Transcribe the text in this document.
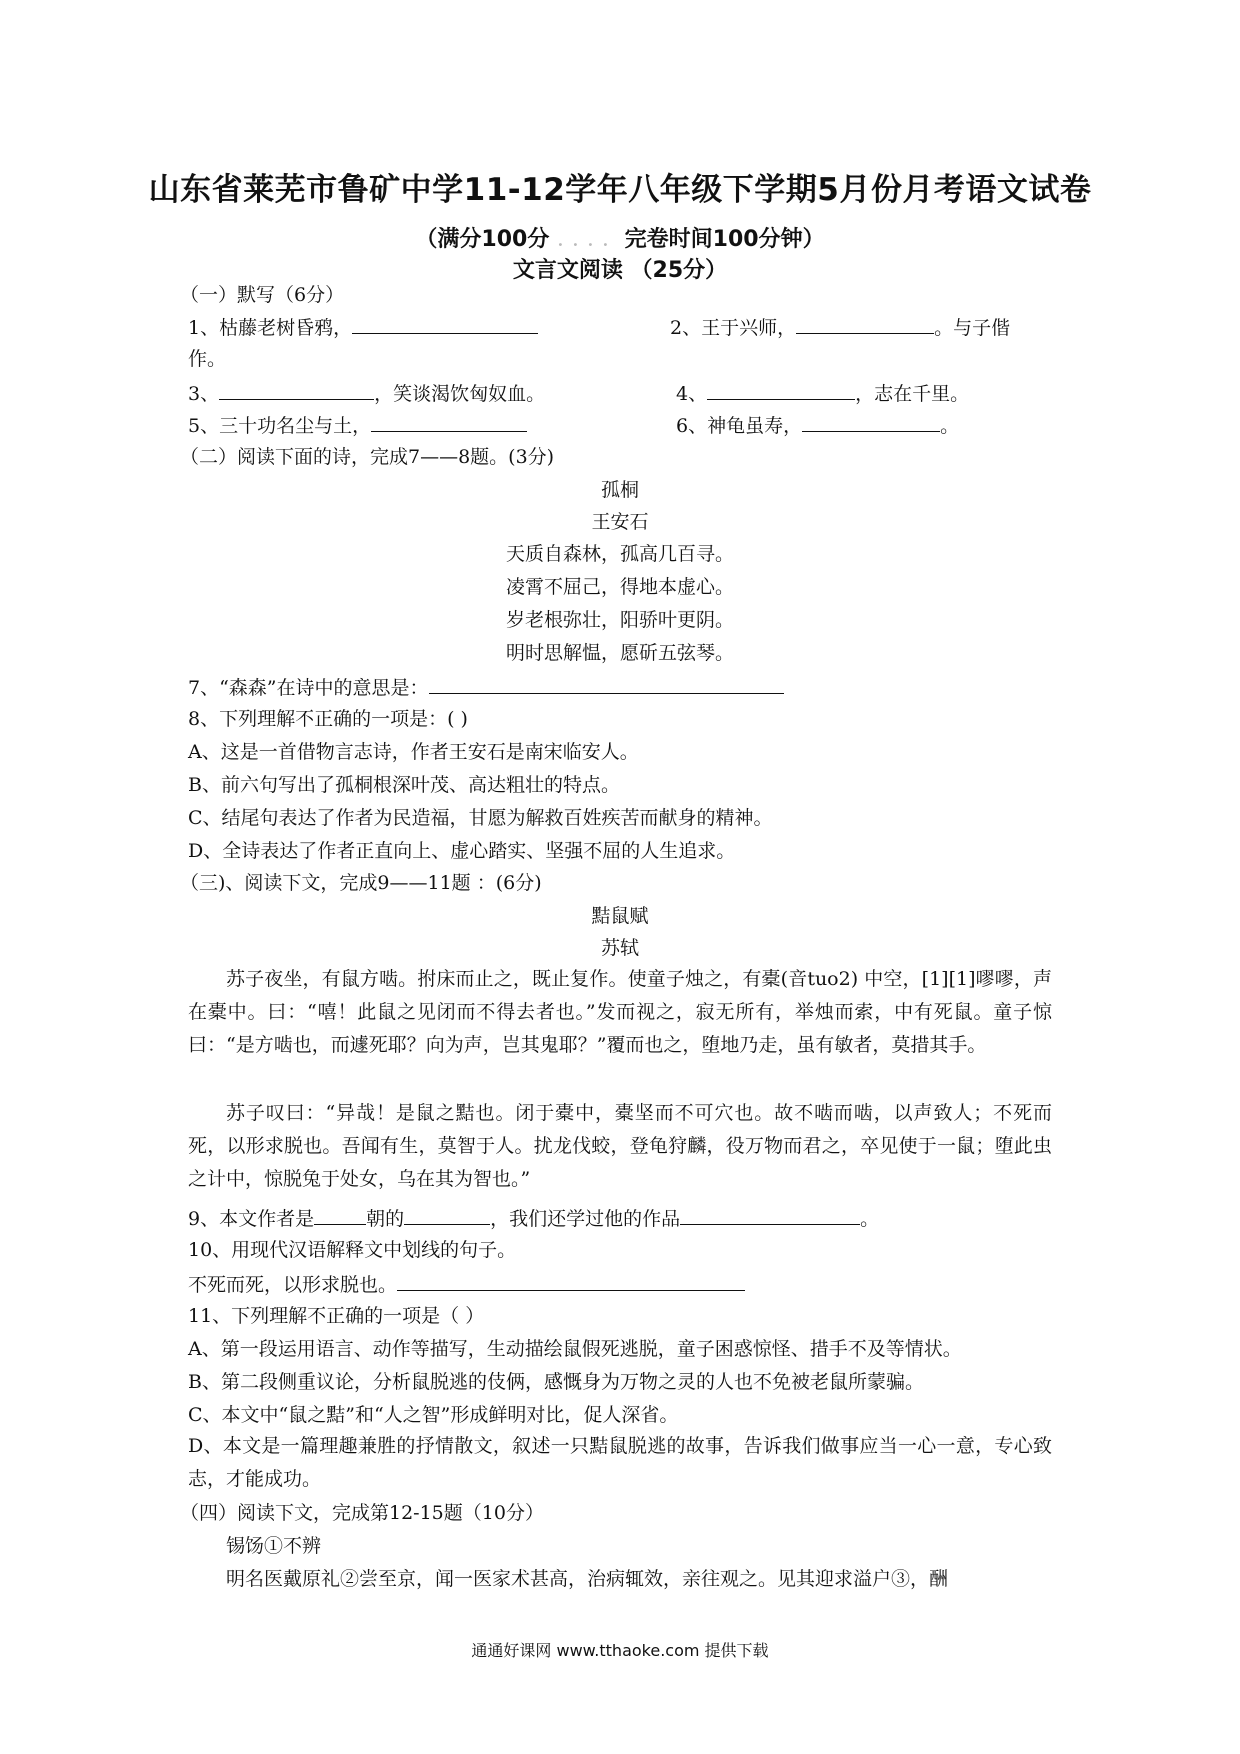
山东省莱芜市鲁矿中学11-12学年八年级下学期5月份月考语文试卷
（满分100分 ．．．． 完卷时间100分钟）
文言文阅读 （25分）
（一）默写（6分）
1、枯藤老树昏鸦，	2、王于兴师，	。与子偕
作。
3、	，笑谈渴饮匈奴血。	4、	，志在千里。
5、三十功名尘与土，	6、神龟虽寿，	。
（二）阅读下面的诗，完成7——8题。(3分)
孤桐
王安石
天质自森林，孤高几百寻。
凌霄不屈己，得地本虚心。
岁老根弥壮，阳骄叶更阴。
明时思解愠，愿斫五弦琴。
7、“森森”在诗中的意思是：
8、下列理解不正确的一项是：( )
A、这是一首借物言志诗，作者王安石是南宋临安人。
B、前六句写出了孤桐根深叶茂、高达粗壮的特点。
C、结尾句表达了作者为民造福，甘愿为解救百姓疾苦而献身的精神。
D、全诗表达了作者正直向上、虚心踏实、坚强不屈的人生追求。
（三)、阅读下文，完成9——11题 ：(6分)
黠鼠赋
苏轼
苏子夜坐，有鼠方啮。拊床而止之，既止复作。使童子烛之，有橐(音tuo2) 中空，[1][1]嘐嘐，声在橐中。曰：“嘻！此鼠之见闭而不得去者也。”发而视之，寂无所有，举烛而索，中有死鼠。童子惊曰：“是方啮也，而遽死耶？向为声，岂其鬼耶？”覆而也之，堕地乃走，虽有敏者，莫措其手。
苏子叹曰：“异哉！是鼠之黠也。闭于橐中，橐坚而不可穴也。故不啮而啮，以声致人；不死而死，以形求脱也。吾闻有生，莫智于人。扰龙伐蛟，登龟狩麟，役万物而君之，卒见使于一鼠；堕此虫之计中，惊脱兔于处女，乌在其为智也。”
9、本文作者是	朝的	，我们还学过他的作品	。
10、用现代汉语解释文中划线的句子。
不死而死，以形求脱也。
11、下列理解不正确的一项是（ ）
A、第一段运用语言、动作等描写，生动描绘鼠假死逃脱，童子困惑惊怪、措手不及等情状。
B、第二段侧重议论，分析鼠脱逃的伎俩，感慨身为万物之灵的人也不免被老鼠所蒙骗。
C、本文中“鼠之黠”和“人之智”形成鲜明对比，促人深省。
D、本文是一篇理趣兼胜的抒情散文，叙述一只黠鼠脱逃的故事，告诉我们做事应当一心一意，专心致志，才能成功。
（四）阅读下文，完成第12-15题（10分）
锡饧①不辨
明名医戴原礼②尝至京，闻一医家术甚高，治病辄效，亲往观之。见其迎求溢户③，酬
通通好课网 www.tthaoke.com 提供下载
